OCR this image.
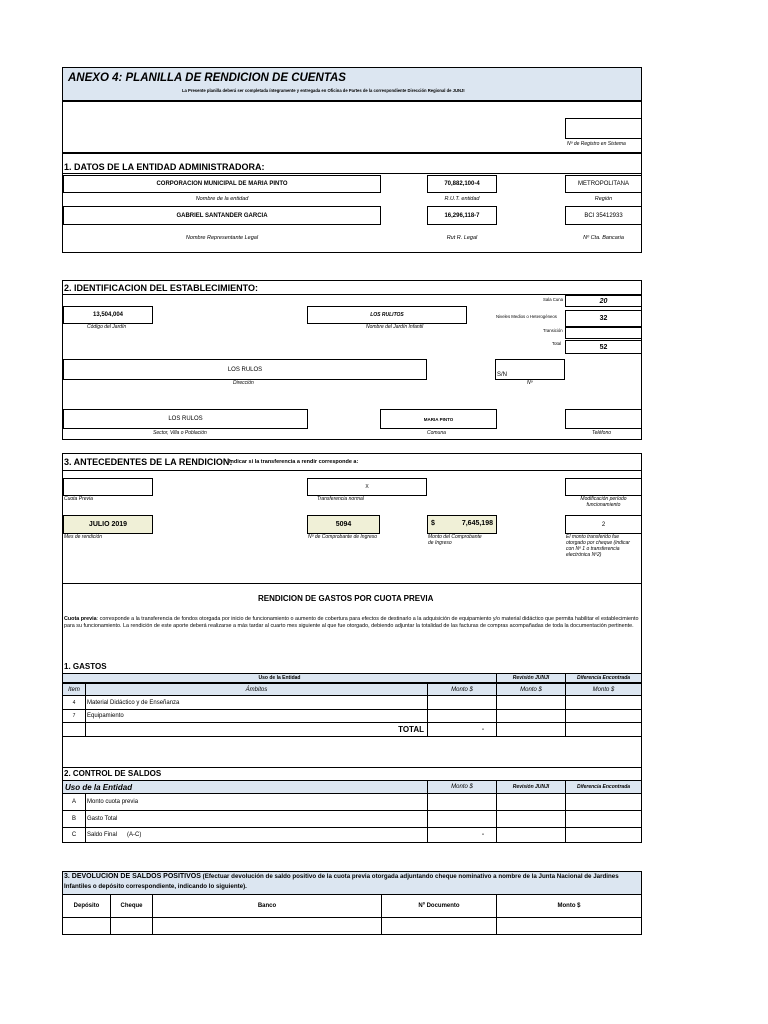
ANEXO 4: PLANILLA DE RENDICION DE CUENTAS
La Presente planilla deberá ser completada íntegramente y entregada en Oficina de Partes de la correspondiente Dirección Regional de JUNJI
Nº de Registro en Sistema
1. DATOS DE LA ENTIDAD ADMINISTRADORA:
CORPORACION MUNICIPAL DE MARIA PINTO
Nombre de la entidad
70,882,100-4
R.U.T. entidad
METROPOLITANA
Región
GABRIEL SANTANDER GARCIA
Nombre Representante Legal
16,296,118-7
Rut R. Legal
BCI 35412933
Nº Cta. Bancaria
2. IDENTIFICACION DEL ESTABLECIMIENTO:
13,504,004
Código del Jardín
LOS RULITOS
Nombre del Jardín Infantil
Sala Cuna	20
Niveles Medios o Heterogéneos	32
Transición
Total	52
LOS RULOS
Dirección
S/N
Nº
LOS RULOS
Sector, Villa o Población
MARIA PINTO
Comuna	Teléfono
3. ANTECEDENTES DE LA RENDICION:
Indicar si la transferencia a rendir corresponde a:
Cuota Previa
X
Transferencia normal	Modificación período funcionamiento
JULIO 2019
Mes de rendición
5094
Nº de Comprobante de Ingreso
$	7,645,198
Monto del Comprobante de Ingreso
2
El monto transferido fue otorgado por cheque (indicar con Nº 1 o transferencia electrónica Nº2)
RENDICION DE GASTOS POR CUOTA PREVIA
Cuota previa: corresponde a la transferencia de fondos otorgada por inicio de funcionamiento o aumento de cobertura para efectos de destinarlo a la adquisición de equipamiento y/o material didáctico que permita habilitar el establecimiento para su funcionamiento. La rendición de este aporte deberá realizarse a más tardar al cuarto mes siguiente al que fue otorgado, debiendo adjuntar la totalidad de las facturas de compras acompañadas de toda la documentación pertinente.
1. GASTOS
Uso de la Entidad	Revisión JUNJI	Diferencia Encontrada
Item	Ámbitos	Monto $	Monto $	Monto $
4	Material Didáctico y de Enseñanza
7	Equipamiento
TOTAL	-
2. CONTROL DE SALDOS
Uso de la Entidad	Monto $	Revisión JUNJI	Diferencia Encontrada
A	Monto cuota previa
B	Gasto Total
C	Saldo Final      (A-C)	-
3. DEVOLUCION DE SALDOS POSITIVOS (Efectuar devolución de saldo positivo de la cuota previa otorgada adjuntando cheque nominativo a nombre de la Junta Nacional de Jardines Infantiles o depósito correspondiente, indicando lo siguiente).
Depósito	Cheque	Banco	Nº Documento	Monto $
